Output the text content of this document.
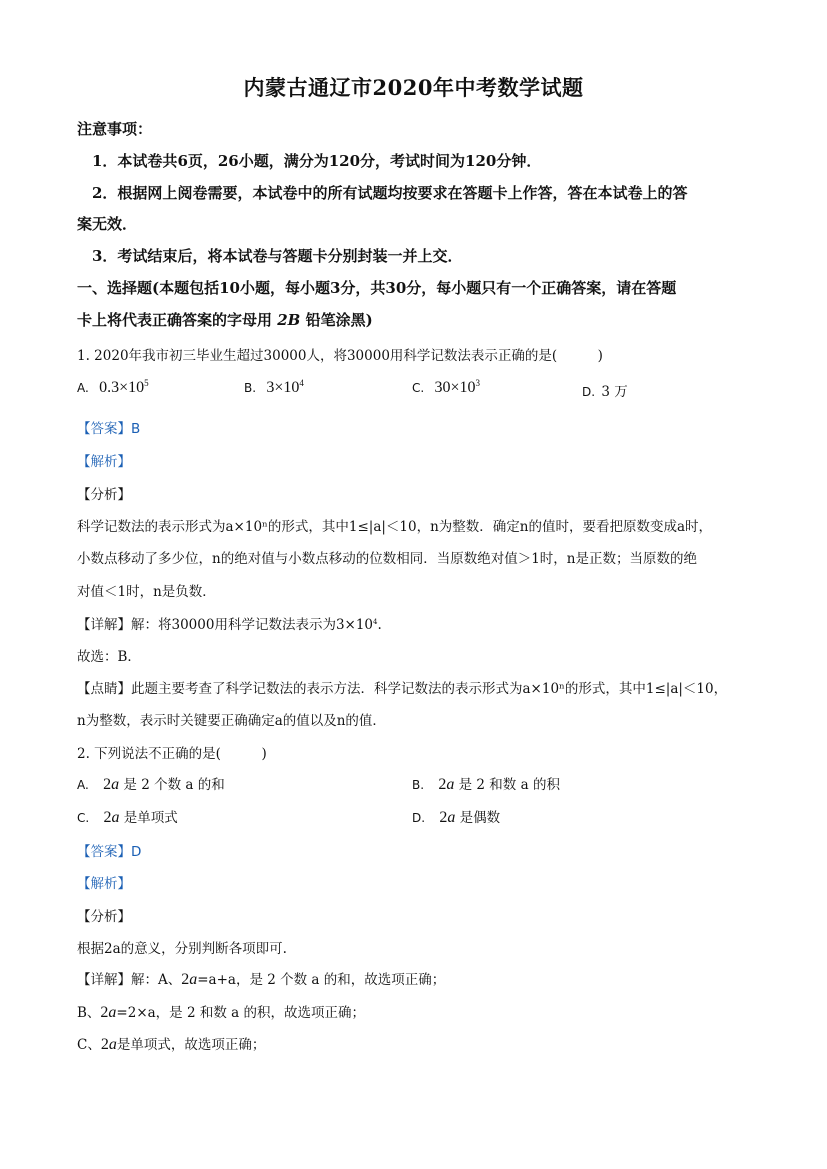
内蒙古通辽市2020年中考数学试题
注意事项：
1．本试卷共6页，26小题，满分为120分，考试时间为120分钟．
2．根据网上阅卷需要，本试卷中的所有试题均按要求在答题卡上作答，答在本试卷上的答
案无效．
3．考试结束后，将本试卷与答题卡分别封装一并上交．
一、选择题(本题包括10小题，每小题3分，共30分，每小题只有一个正确答案，请在答题
卡上将代表正确答案的字母用 2B 铅笔涂黑)
1. 2020年我市初三毕业生超过30000人，将30000用科学记数法表示正确的是(　　　)
A. $0.3\times 10^5$	B. $3\times 10^4$	C. $30\times 10^3$
D. 3 万
【答案】B
【解析】
【分析】
科学记数法的表示形式为a×10ⁿ的形式，其中1≤|a|＜10，n为整数．确定n的值时，要看把原数变成a时，
小数点移动了多少位，n的绝对值与小数点移动的位数相同．当原数绝对值＞1时，n是正数；当原数的绝
对值＜1时，n是负数．
【详解】解：将30000用科学记数法表示为$3\times 10^4$.
故选：B．
【点睛】此题主要考查了科学记数法的表示方法．科学记数法的表示形式为a×10ⁿ的形式，其中1≤|a|＜10，
n为整数，表示时关键要正确确定a的值以及n的值．
2. 下列说法不正确的是(　　　)
A. 2a 是 2 个数 a 的和	B. 2a 是 2 和数 a 的积
C. 2a 是单项式	D. 2a 是偶数
【答案】D
【解析】
【分析】
根据2a的意义，分别判断各项即可.
【详解】解：A、2a=a+a，是 2 个数 a 的和，故选项正确；
B、2a=2×a，是 2 和数 a 的积，故选项正确；
C、2a是单项式，故选项正确；
